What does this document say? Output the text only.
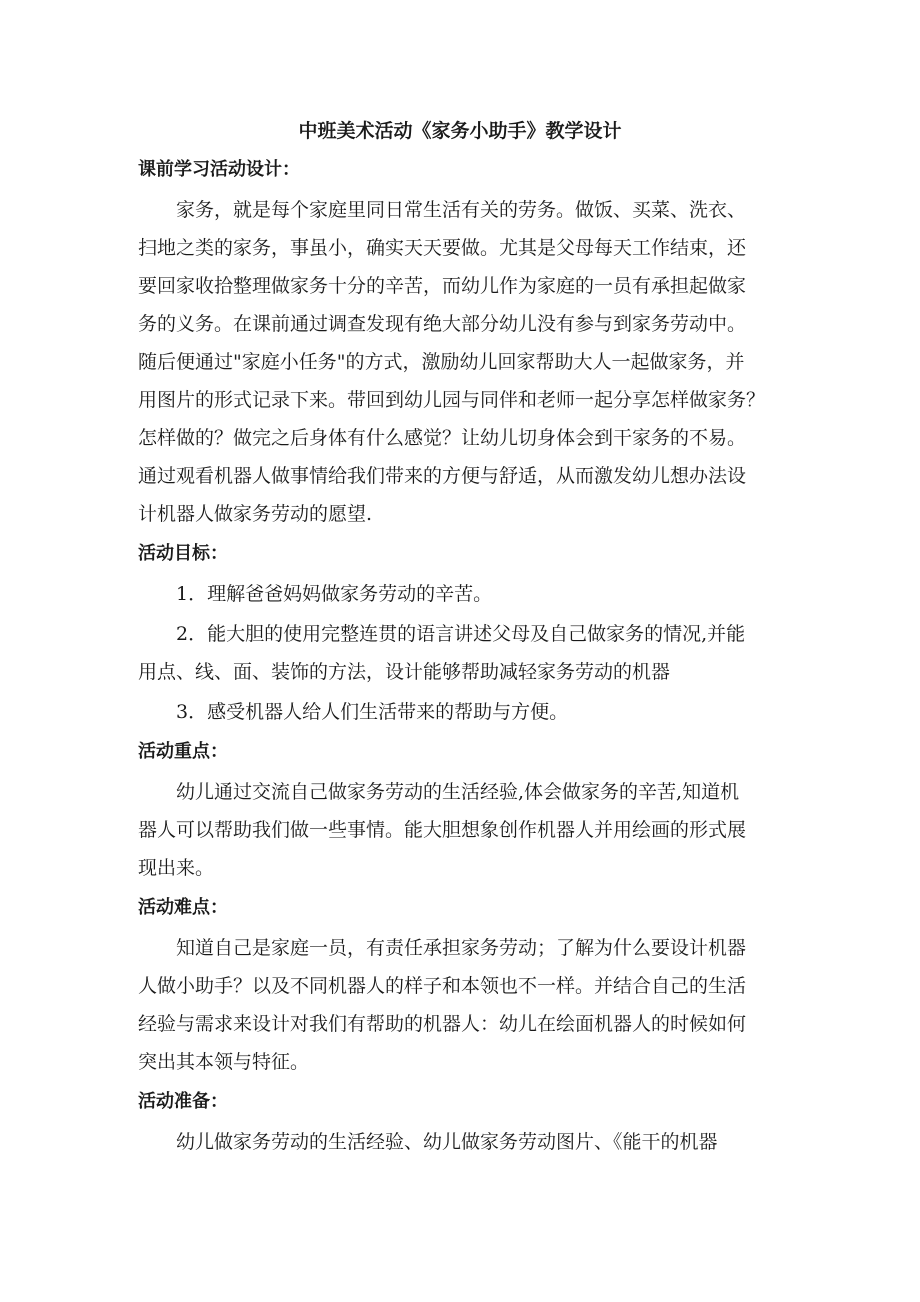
中班美术活动《家务小助手》教学设计
课前学习活动设计：
家务，就是每个家庭里同日常生活有关的劳务。做饭、买菜、洗衣、
扫地之类的家务，事虽小，确实天天要做。尤其是父母每天工作结束，还
要回家收拾整理做家务十分的辛苦，而幼儿作为家庭的一员有承担起做家
务的义务。在课前通过调查发现有绝大部分幼儿没有参与到家务劳动中。
随后便通过"家庭小任务"的方式，激励幼儿回家帮助大人一起做家务，并
用图片的形式记录下来。带回到幼儿园与同伴和老师一起分享怎样做家务？
怎样做的？做完之后身体有什么感觉？让幼儿切身体会到干家务的不易。
通过观看机器人做事情给我们带来的方便与舒适，从而激发幼儿想办法设
计机器人做家务劳动的愿望.
活动目标：
1．理解爸爸妈妈做家务劳动的辛苦。
2．能大胆的使用完整连贯的语言讲述父母及自己做家务的情况,并能
用点、线、面、装饰的方法，设计能够帮助减轻家务劳动的机器
3．感受机器人给人们生活带来的帮助与方便。
活动重点：
幼儿通过交流自己做家务劳动的生活经验,体会做家务的辛苦,知道机
器人可以帮助我们做一些事情。能大胆想象创作机器人并用绘画的形式展
现出来。
活动难点：
知道自己是家庭一员，有责任承担家务劳动；了解为什么要设计机器
人做小助手？以及不同机器人的样子和本领也不一样。并结合自己的生活
经验与需求来设计对我们有帮助的机器人：幼儿在绘面机器人的时候如何
突出其本领与特征。
活动准备：
幼儿做家务劳动的生活经验、幼儿做家务劳动图片、《能干的机器
